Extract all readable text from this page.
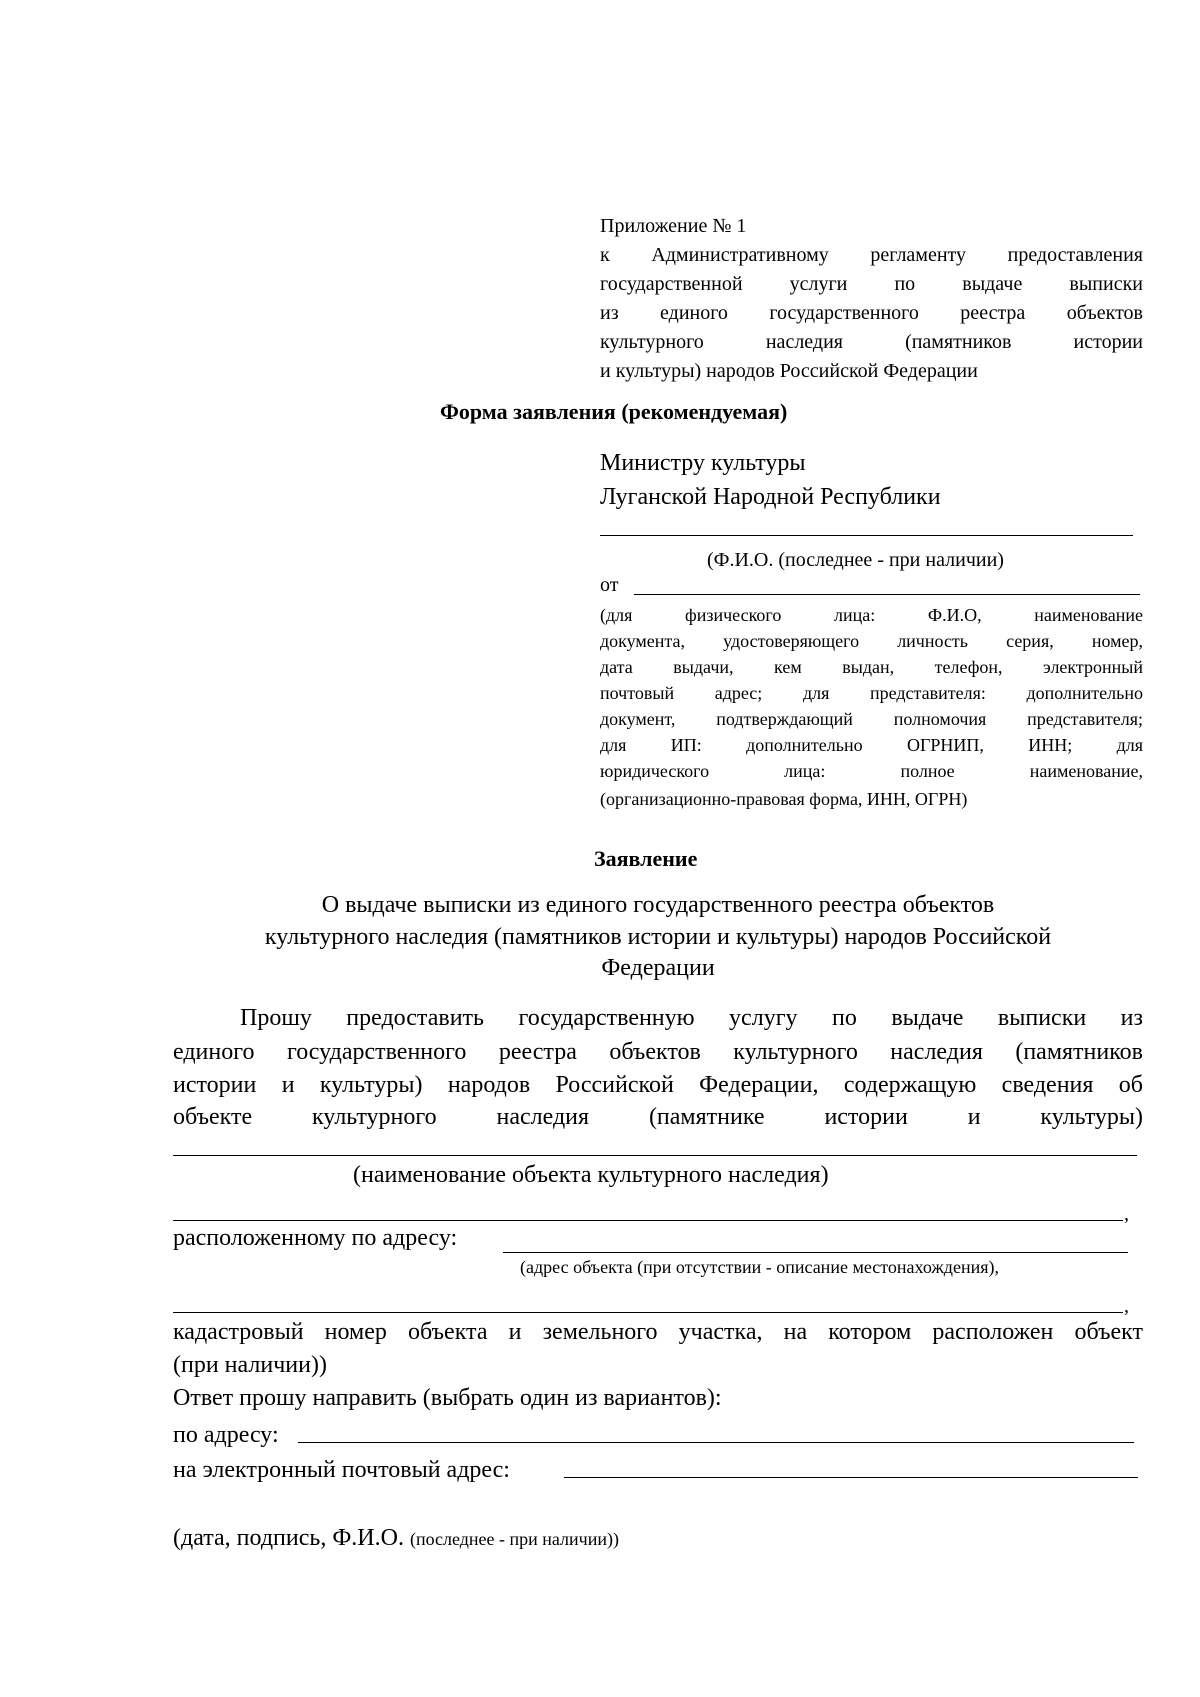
Приложение № 1
к Административному регламенту предоставления
государственной услуги по выдаче выписки
из единого государственного реестра объектов
культурного наследия (памятников истории
и культуры) народов Российской Федерации
Форма заявления (рекомендуемая)
Министру культуры
Луганской Народной Республики
(Ф.И.О. (последнее - при наличии)
от
(для физического лица: Ф.И.О, наименование
документа, удостоверяющего личность серия, номер,
дата выдачи, кем выдан, телефон, электронный
почтовый адрес; для представителя: дополнительно
документ, подтверждающий полномочия представителя;
для ИП: дополнительно ОГРНИП, ИНН; для
юридического лица: полное наименование,
(организационно-правовая форма, ИНН, ОГРН)
Заявление
О выдаче выписки из единого государственного реестра объектов
культурного наследия (памятников истории и культуры) народов Российской
Федерации
Прошу предоставить государственную услугу по выдаче выписки из
единого государственного реестра объектов культурного наследия (памятников
истории и культуры) народов Российской Федерации, содержащую сведения об
объекте культурного наследия (памятнике истории и культуры)
(наименование объекта культурного наследия)
,
расположенному по адресу:
(адрес объекта (при отсутствии - описание местонахождения),
,
кадастровый номер объекта и земельного участка, на котором расположен объект
(при наличии))
Ответ прошу направить (выбрать один из вариантов):
по адресу:
на электронный почтовый адрес:
(дата, подпись, Ф.И.О. (последнее - при наличии))
